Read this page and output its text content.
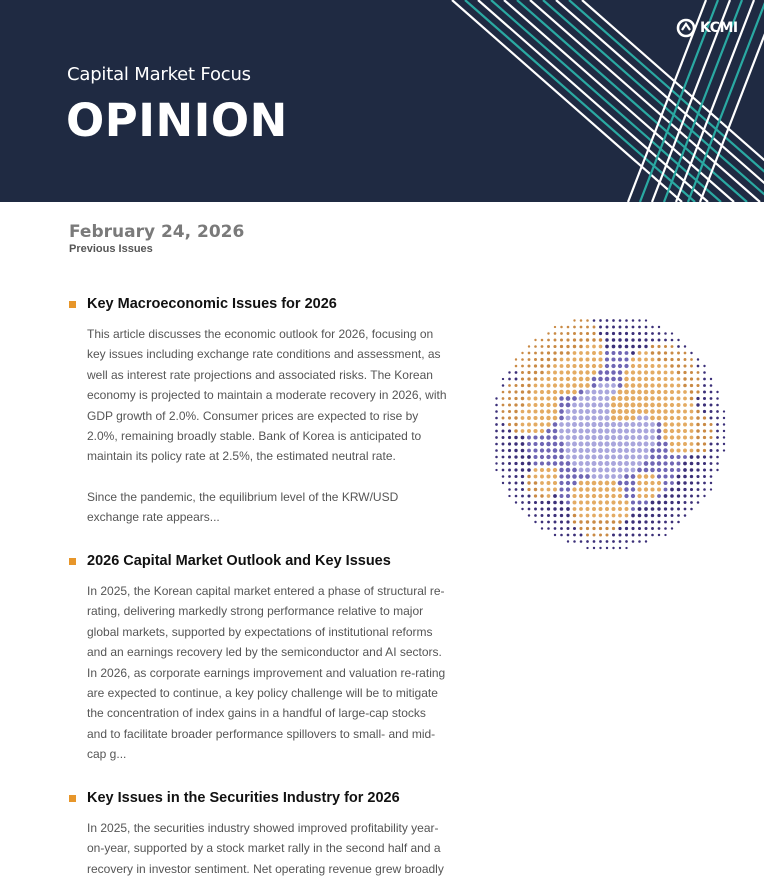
Capital Market Focus
OPINION
KCMI
February 24, 2026
Previous Issues
Key Macroeconomic Issues for 2026

This article discusses the economic outlook for 2026, focusing on key issues including exchange rate conditions and assessment, as well as interest rate projections and associated risks. The Korean economy is projected to maintain a moderate recovery in 2026, with GDP growth of 2.0%. Consumer prices are expected to rise by 2.0%, remaining broadly stable. Bank of Korea is anticipated to maintain its policy rate at 2.5%, the estimated neutral rate.

Since the pandemic, the equilibrium level of the KRW/USD exchange rate appears...

2026 Capital Market Outlook and Key Issues

In 2025, the Korean capital market entered a phase of structural re-rating, delivering markedly strong performance relative to major global markets, supported by expectations of institutional reforms and an earnings recovery led by the semiconductor and AI sectors. In 2026, as corporate earnings improvement and valuation re-rating are expected to continue, a key policy challenge will be to mitigate the concentration of index gains in a handful of large-cap stocks and to facilitate broader performance spillovers to small- and mid-cap g...

Key Issues in the Securities Industry for 2026

In 2025, the securities industry showed improved profitability year-on-year, supported by a stock market rally in the second half and a recovery in investor sentiment. Net operating revenue grew broadly
